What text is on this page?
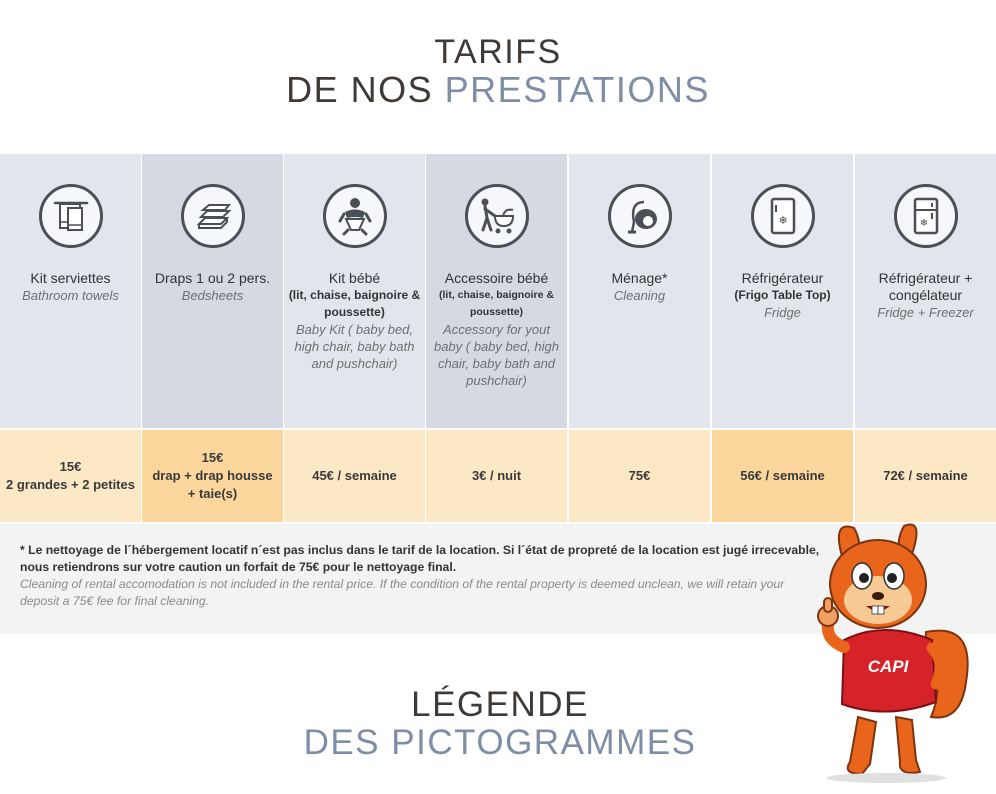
TARIFS
DE NOS PRESTATIONS
Kit serviettes
Bathroom towels
15€
2 grandes + 2 petites
Draps 1 ou 2 pers.
Bedsheets
15€
drap + drap housse + taie(s)
Kit bébé
(lit, chaise, baignoire & poussette)
Baby Kit ( baby bed, high chair, baby bath and pushchair)
45€ / semaine
Accessoire bébé
(lit, chaise, baignoire & poussette)
Accessory for yout baby ( baby bed, high chair, baby bath and pushchair)
3€ / nuit
Ménage*
Cleaning
75€
❄
Réfrigérateur
(Frigo Table Top)
Fridge
56€ / semaine
❄
Réfrigérateur + congélateur
Fridge + Freezer
72€ / semaine
* Le nettoyage de l´hébergement locatif n´est pas inclus dans le tarif de la location. Si l´état de propreté de la location est jugé irrecevable, nous retiendrons sur votre caution un forfait de 75€ pour le nettoyage final.
Cleaning of rental accomodation is not included in the rental price. If the condition of the rental property is deemed unclean, we will retain your deposit a 75€ fee for final cleaning.
LÉGENDE
DES PICTOGRAMMES
CAPI
